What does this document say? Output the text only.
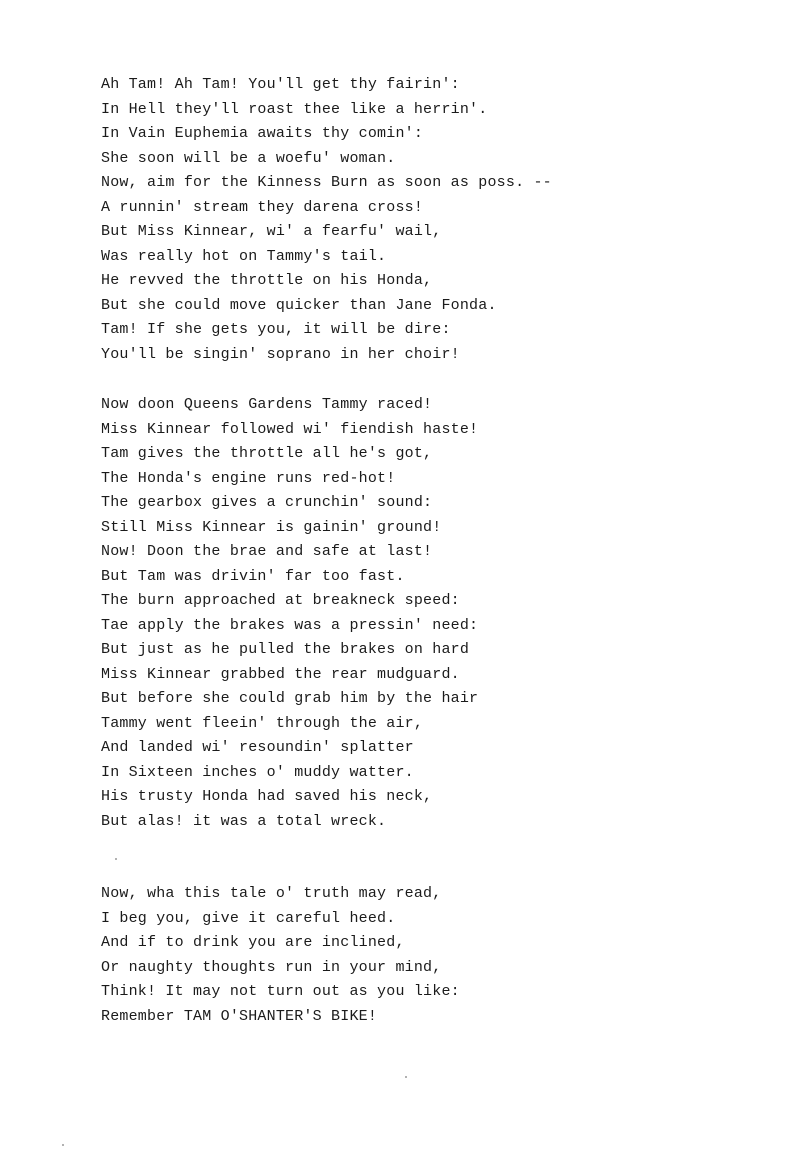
Ah Tam! Ah Tam! You'll get thy fairin':
In Hell they'll roast thee like a herrin'.
In Vain Euphemia awaits thy comin':
She soon will be a woefu' woman.
Now, aim for the Kinness Burn as soon as poss. --
A runnin' stream they darena cross!
But Miss Kinnear, wi' a fearfu' wail,
Was really hot on Tammy's tail.
He revved the throttle on his Honda,
But she could move quicker than Jane Fonda.
Tam! If she gets you, it will be dire:
You'll be singin' soprano in her choir!
Now doon Queens Gardens Tammy raced!
Miss Kinnear followed wi' fiendish haste!
Tam gives the throttle all he's got,
The Honda's engine runs red-hot!
The gearbox gives a crunchin' sound:
Still Miss Kinnear is gainin' ground!
Now! Doon the brae and safe at last!
But Tam was drivin' far too fast.
The burn approached at breakneck speed:
Tae apply the brakes was a pressin' need:
But just as he pulled the brakes on hard
Miss Kinnear grabbed the rear mudguard.
But before she could grab him by the hair
Tammy went fleein' through the air,
And landed wi' resoundin' splatter
In Sixteen inches o' muddy watter.
His trusty Honda had saved his neck,
But alas! it was a total wreck.
Now, wha this tale o' truth may read,
I beg you, give it careful heed.
And if to drink you are inclined,
Or naughty thoughts run in your mind,
Think! It may not turn out as you like:
Remember TAM O'SHANTER'S BIKE!
